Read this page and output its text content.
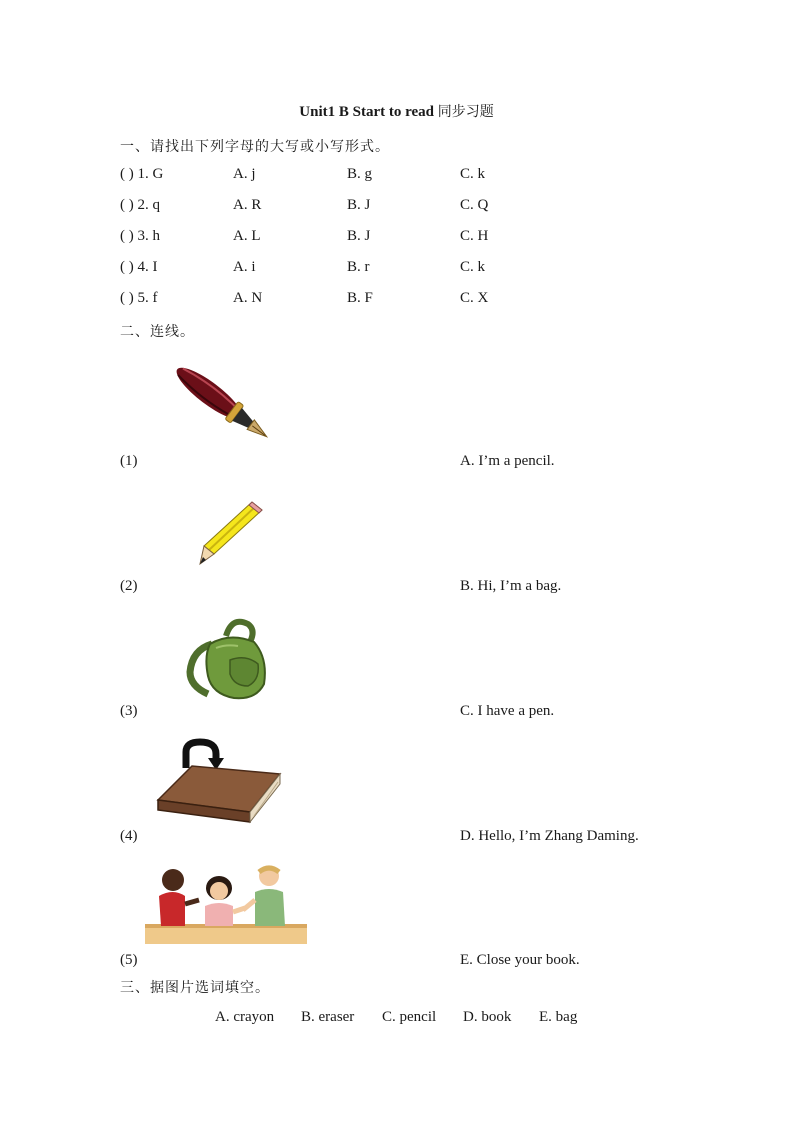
Unit1 B Start to read 同步习题
一、请找出下列字母的大写或小写形式。
( ) 1. G	A. j	B. g	C. k
( ) 2. q	A. R	B. J	C. Q
( ) 3. h	A. L	B. J	C. H
( ) 4. I	A. i	B. r	C. k
( ) 5. f	A. N	B. F	C. X
二、连线。
(1)	A. I’m a pencil.
(2)	B. Hi, I’m a bag.
(3)	C. I have a pen.
(4)	D. Hello, I’m Zhang Daming.
(5)	E. Close your book.
三、据图片选词填空。
A. crayon B. eraser C. pencil D. book E. bag
